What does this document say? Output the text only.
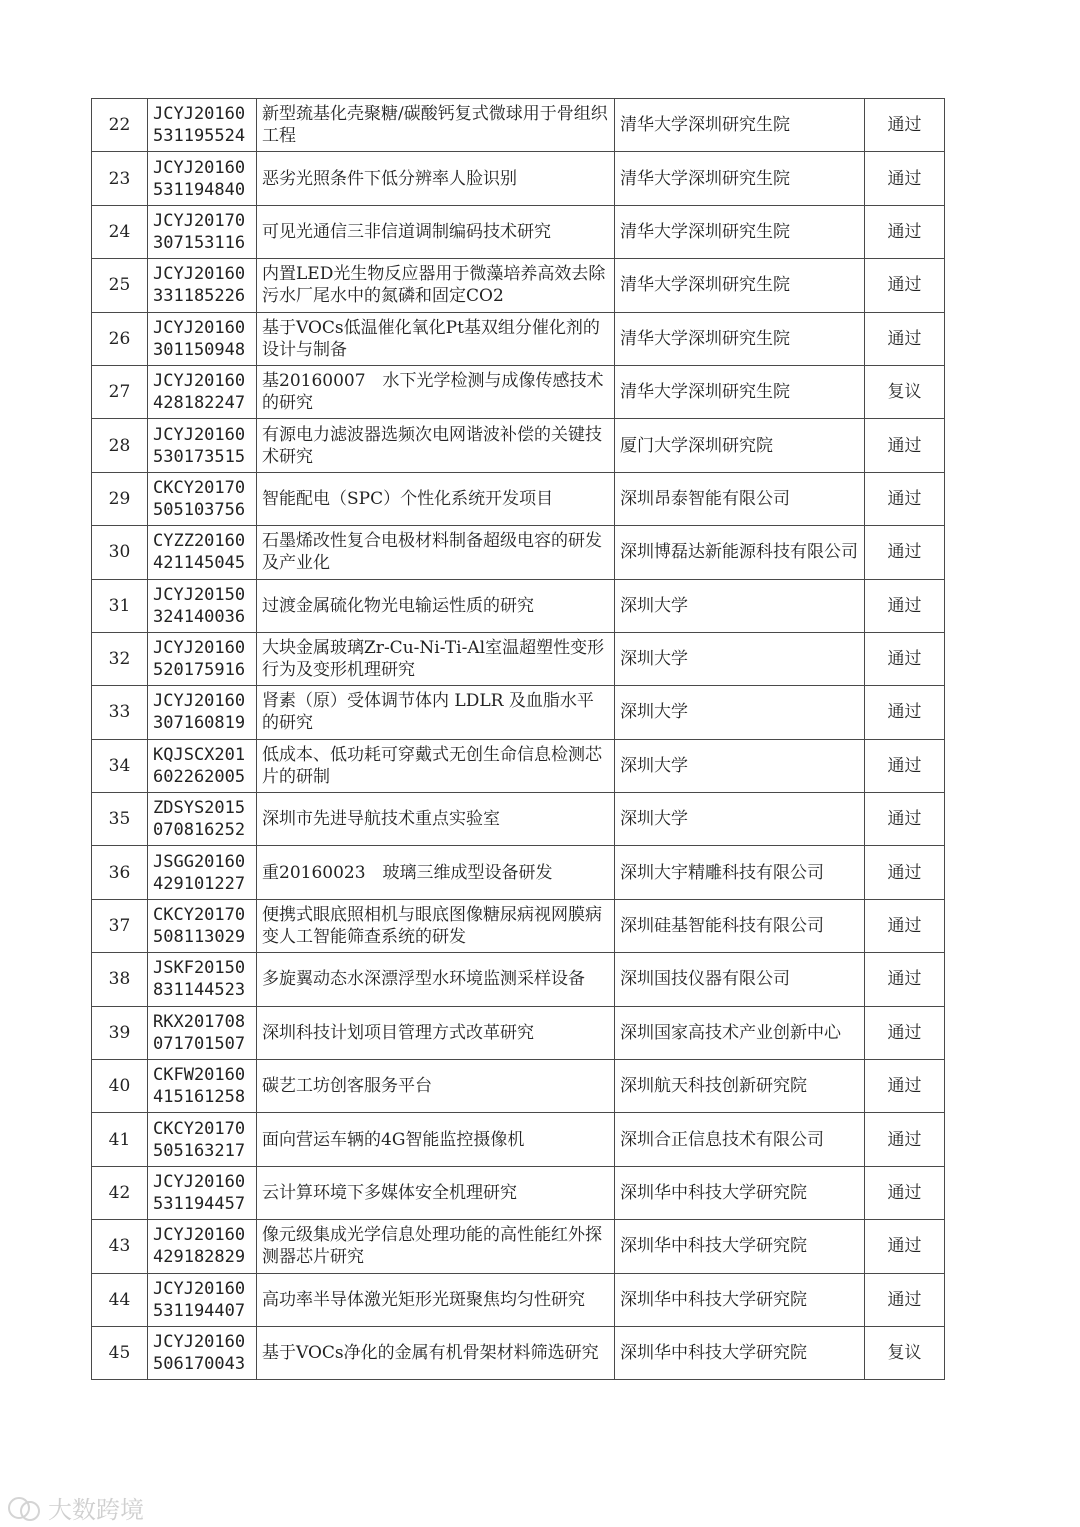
22	JCYJ20160531195524	新型巯基化壳聚糖/碳酸钙复式微球用于骨组织工程	清华大学深圳研究生院	通过

23	JCYJ20160531194840	恶劣光照条件下低分辨率人脸识别	清华大学深圳研究生院	通过

24	JCYJ20170307153116	可见光通信三非信道调制编码技术研究	清华大学深圳研究生院	通过

25	JCYJ20160331185226	内置LED光生物反应器用于微藻培养高效去除污水厂尾水中的氮磷和固定CO2	清华大学深圳研究生院	通过

26	JCYJ20160301150948	基于VOCs低温催化氧化Pt基双组分催化剂的设计与制备	清华大学深圳研究生院	通过

27	JCYJ20160428182247	基20160007　水下光学检测与成像传感技术的研究	清华大学深圳研究生院	复议

28	JCYJ20160530173515	有源电力滤波器选频次电网谐波补偿的关键技术研究	厦门大学深圳研究院	通过

29	CKCY20170505103756	智能配电（SPC）个性化系统开发项目	深圳昂泰智能有限公司	通过

30	CYZZ20160421145045	石墨烯改性复合电极材料制备超级电容的研发及产业化	深圳博磊达新能源科技有限公司	通过

31	JCYJ20150324140036	过渡金属硫化物光电输运性质的研究	深圳大学	通过

32	JCYJ20160520175916	大块金属玻璃Zr-Cu-Ni-Ti-Al室温超塑性变形行为及变形机理研究	深圳大学	通过

33	JCYJ20160307160819	肾素（原）受体调节体内 LDLR 及血脂水平的研究	深圳大学	通过

34	KQJSCX201602262005	低成本、低功耗可穿戴式无创生命信息检测芯片的研制	深圳大学	通过

35	ZDSYS2015070816252	深圳市先进导航技术重点实验室	深圳大学	通过

36	JSGG20160429101227	重20160023　玻璃三维成型设备研发	深圳大宇精雕科技有限公司	通过

37	CKCY20170508113029	便携式眼底照相机与眼底图像糖尿病视网膜病变人工智能筛查系统的研发	深圳硅基智能科技有限公司	通过

38	JSKF20150831144523	多旋翼动态水深漂浮型水环境监测采样设备	深圳国技仪器有限公司	通过

39	RKX201708071701507	深圳科技计划项目管理方式改革研究	深圳国家高技术产业创新中心	通过

40	CKFW20160415161258	碳艺工坊创客服务平台	深圳航天科技创新研究院	通过

41	CKCY20170505163217	面向营运车辆的4G智能监控摄像机	深圳合正信息技术有限公司	通过

42	JCYJ20160531194457	云计算环境下多媒体安全机理研究	深圳华中科技大学研究院	通过

43	JCYJ20160429182829	像元级集成光学信息处理功能的高性能红外探测器芯片研究	深圳华中科技大学研究院	通过

44	JCYJ20160531194407	高功率半导体激光矩形光斑聚焦均匀性研究	深圳华中科技大学研究院	通过

45	JCYJ20160506170043	基于VOCs净化的金属有机骨架材料筛选研究	深圳华中科技大学研究院	复议
大数跨境
